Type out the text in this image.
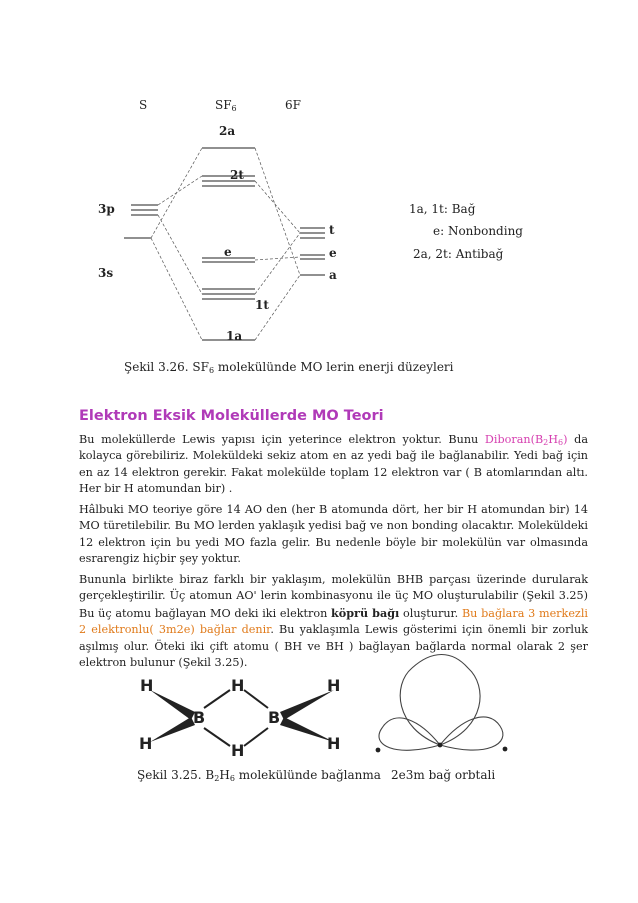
S	$SF_6$	6F
2a
2t
3p
3s
e
1t
1a
t
e
a
1a, 1t: Bağ
e: Nonbonding
2a, 2t: Antibağ
Şekil 3.26. $SF_6$ molekülünde MO lerin enerji düzeyleri
Elektron Eksik Moleküllerde MO Teori

Bu moleküllerde Lewis yapısı için yeterince elektron yoktur. Bunu $Diboran(B_2H_6)$ da kolayca görebiliriz. Moleküldeki sekiz atom en az yedi bağ ile bağlanabilir. Yedi bağ için en az 14 elektron gerekir. Fakat molekülde toplam 12 elektron var ( B atomlarından altı. Her bir H atomundan bir) .

Hâlbuki MO teoriye göre 14 AO den (her B atomunda dört, her bir H atomundan bir) 14 MO türetilebilir. Bu MO lerden yaklaşık yedisi bağ ve non bonding olacaktır. Moleküldeki 12 elektron için bu yedi MO fazla gelir. Bu nedenle böyle bir molekülün var olmasında esrarengiz hiçbir şey yoktur.

Bununla birlikte biraz farklı bir yaklaşım, molekülün BHB parçası üzerinde durularak gerçekleştirilir. Üç atomun AO' lerin kombinasyonu ile üç MO oluşturulabilir (Şekil 3.25) Bu üç atomu bağlayan MO deki iki elektron köprü bağı oluşturur. Bu bağlara 3 merkezli 2 elektronlu( 3m2e) bağlar denir. Bu yaklaşımla Lewis gösterimi için önemli bir zorluk aşılmış olur. Öteki iki çift atomu ( BH ve BH ) bağlayan bağlarda normal olarak 2 şer elektron bulunur (Şekil 3.25).

H	H	H
B	B
H	H	H
Şekil 3.25. $B_2H_6$ molekülünde bağlanma 2e3m bağ orbtali
